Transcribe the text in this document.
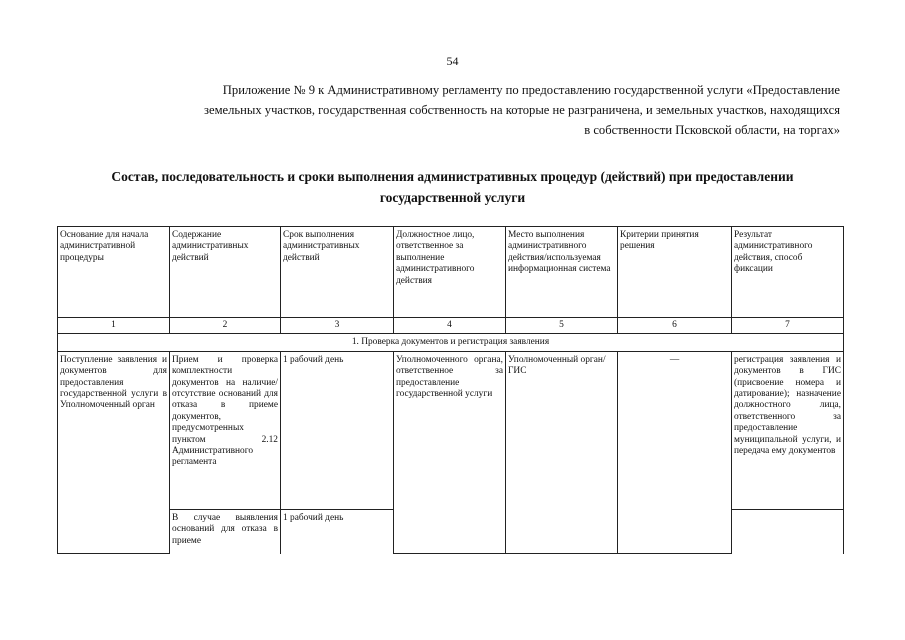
54
Приложение № 9 к Административному регламенту по предоставлению государственной услуги «Предоставление
земельных участков, государственная собственность на которые не разграничена, и земельных участков, находящихся
в собственности Псковской области, на торгах»
Состав, последовательность и сроки выполнения административных процедур (действий) при предоставлении
государственной услуги
Основание для начала административной процедуры	Содержание административных действий	Срок выполнения административных действий	Должностное лицо, ответственное за выполнение административного действия	Место выполнения административного действия/используемая информационная система	Критерии принятия решения	Результат административного действия, способ фиксации
1	2	3	4	5	6	7
1. Проверка документов и регистрация заявления						
Поступление заявления и документов для предоставления государственной услуги в Уполномоченный орган	Прием и проверка комплектности документов на наличие/отсутствие оснований для отказа в приеме документов, предусмотренных пунктом 2.12 Административного регламента	1 рабочий день	Уполномоченного органа, ответственное за предоставление государственной услуги	Уполномоченный орган/ГИС	—	регистрация заявления и документов в ГИС (присвоение номера и датирование); назначение должностного лица, ответственного за предоставление муниципальной услуги, и передача ему документов
	В случае выявления оснований для отказа в приеме	1 рабочий день				
